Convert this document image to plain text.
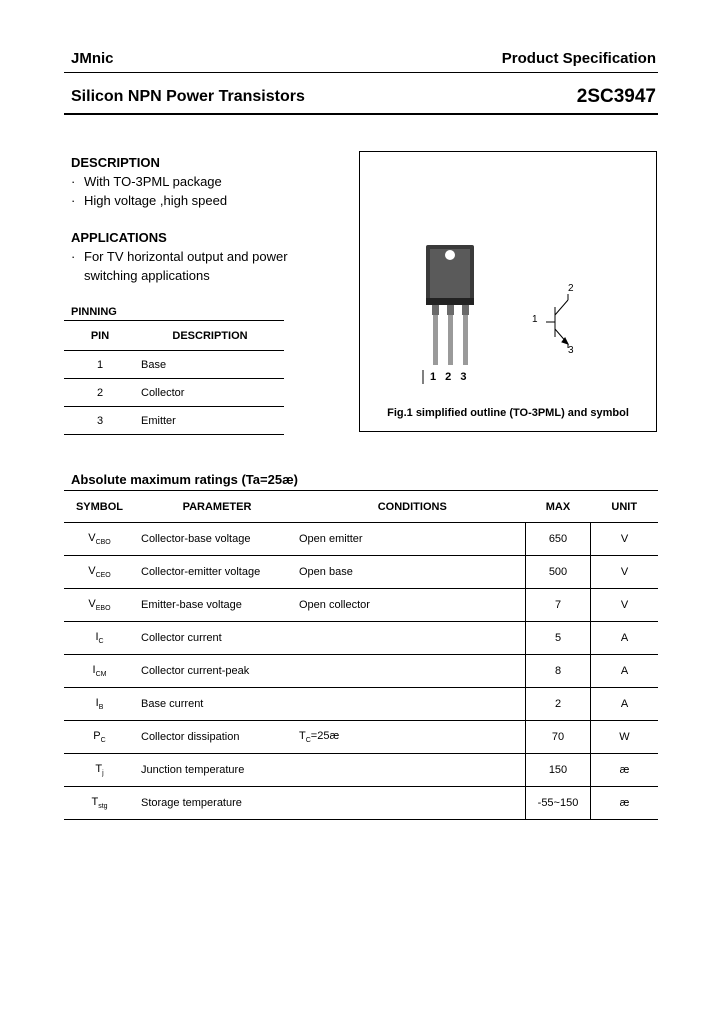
JMnic	Product Specification
Silicon NPN Power Transistors	2SC3947
DESCRIPTION
· With TO-3PML package
· High voltage ,high speed
APPLICATIONS
· For TV horizontal output and power
switching applications
PINNING
PIN	DESCRIPTION
1	Base
2	Collector
3	Emitter
1 2 3
1
2
3
Fig.1 simplified outline (TO-3PML) and symbol
Absolute maximum ratings (Ta=25æ)
SYMBOL	PARAMETER	CONDITIONS	MAX	UNIT
$V_{CBO}$	Collector-base voltage	Open emitter	650	V
$V_{CEO}$	Collector-emitter voltage	Open base	500	V
$V_{EBO}$	Emitter-base voltage	Open collector	7	V
$I_C$	Collector current		5	A
$I_{CM}$	Collector current-peak		8	A
$I_B$	Base current		2	A
$P_C$	Collector dissipation	$T_C=25æ$	70	W
$T_j$	Junction temperature		150	æ
$T_{stg}$	Storage temperature		-55~150	æ
